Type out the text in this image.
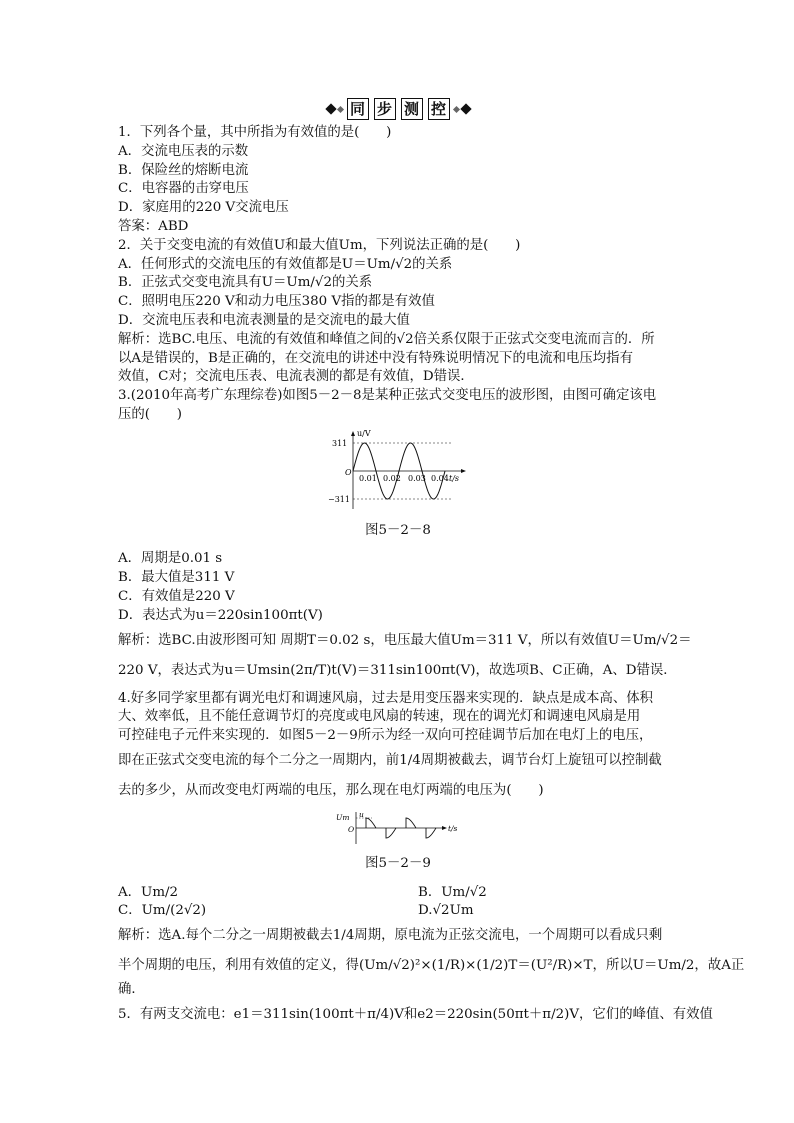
同 步 测 控
1．下列各个量，其中所指为有效值的是(　　)
A．交流电压表的示数
B．保险丝的熔断电流
C．电容器的击穿电压
D．家庭用的220 V交流电压
答案：ABD
2．关于交变电流的有效值U和最大值Um，下列说法正确的是(　　)
A．任何形式的交流电压的有效值都是U＝Um/√2的关系
B．正弦式交变电流具有U＝Um/√2的关系
C．照明电压220 V和动力电压380 V指的都是有效值
D．交流电压表和电流表测量的是交流电的最大值
解析：选BC.电压、电流的有效值和峰值之间的√2倍关系仅限于正弦式交变电流而言的．所
以A是错误的，B是正确的，在交流电的讲述中没有特殊说明情况下的电流和电压均指有
效值，C对；交流电压表、电流表测的都是有效值，D错误．
3.(2010年高考广东理综卷)如图5－2－8是某种正弦式交变电压的波形图，由图可确定该电
压的(　　)
u/V
311
−311
O
0.01 0.02 0.03 0.04 t/s
图5－2－8
A．周期是0.01 s
B．最大值是311 V
C．有效值是220 V
D．表达式为u＝220sin100πt(V)
解析：选BC.由波形图可知 周期T＝0.02 s，电压最大值Um＝311 V，所以有效值U＝Um/√2＝
220 V，表达式为u＝Umsin(2π/T)t(V)＝311sin100πt(V)，故选项B、C正确，A、D错误．
4.好多同学家里都有调光电灯和调速风扇，过去是用变压器来实现的．缺点是成本高、体积
大、效率低，且不能任意调节灯的亮度或电风扇的转速，现在的调光灯和调速电风扇是用
可控硅电子元件来实现的．如图5－2－9所示为经一双向可控硅调节后加在电灯上的电压，
即在正弦式交变电流的每个二分之一周期内，前1/4周期被截去，调节台灯上旋钮可以控制截
去的多少，从而改变电灯两端的电压，那么现在电灯两端的电压为(　　)
Um u
O	t/s
图5－2－9
A．Um/2	B．Um/√2
C．Um/(2√2)	D.√2Um
解析：选A.每个二分之一周期被截去1/4周期，原电流为正弦交流电，一个周期可以看成只剩
半个周期的电压，利用有效值的定义，得(Um/√2)²×(1/R)×(1/2)T＝(U²/R)×T，所以U＝Um/2，故A正
确．
5．有两支交流电：e1＝311sin(100πt＋π/4)V和e2＝220sin(50πt＋π/2)V，它们的峰值、有效值
